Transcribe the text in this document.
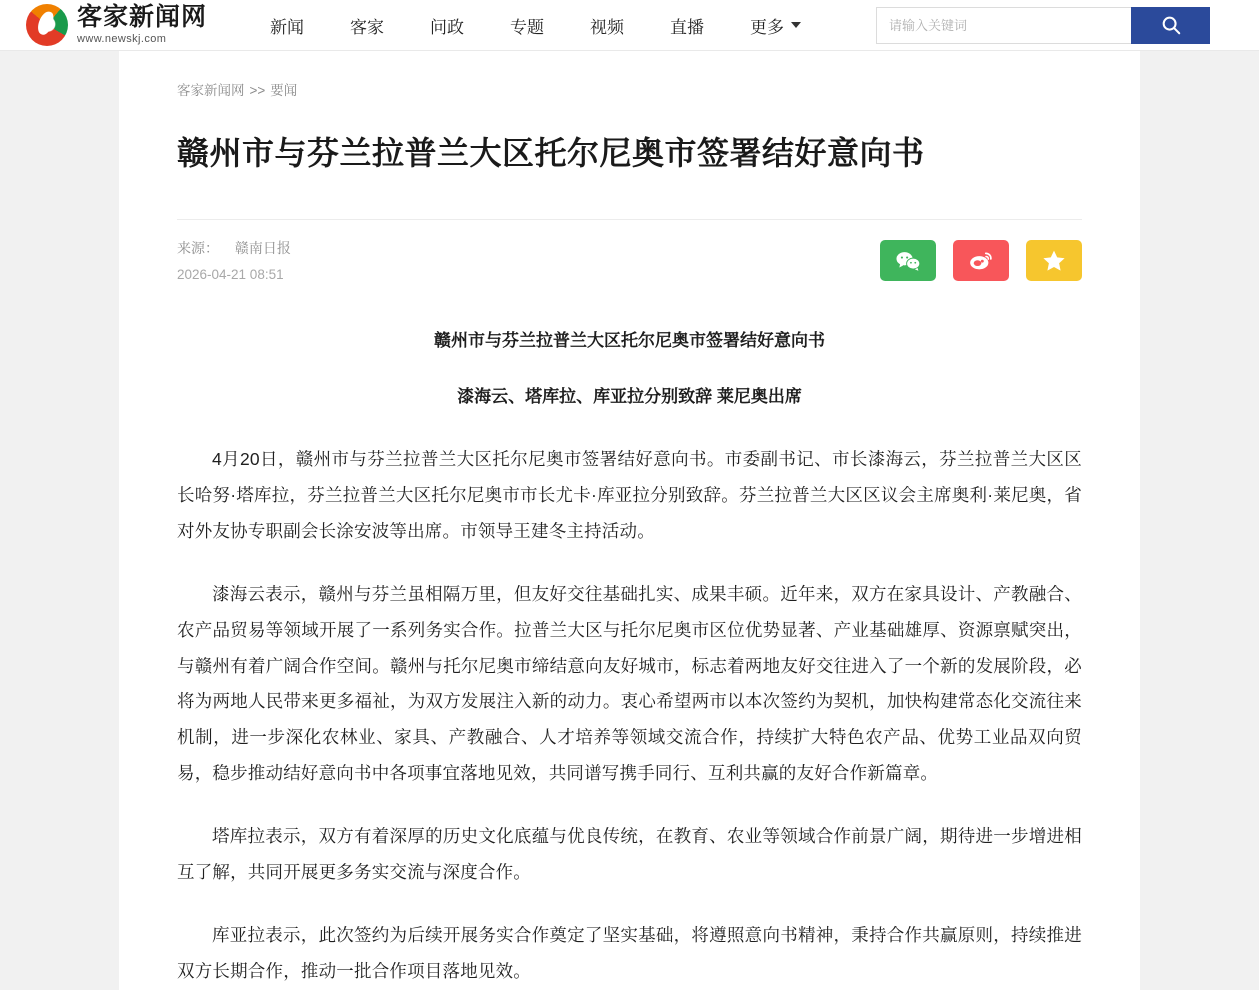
客家新闻网
www.newskj.com
新闻	客家	问政	专题	视频	直播	更多
请输入关键词
客家新闻网 >> 要闻
赣州市与芬兰拉普兰大区托尔尼奥市签署结好意向书
来源： 赣南日报
2026-04-21 08:51
赣州市与芬兰拉普兰大区托尔尼奥市签署结好意向书
漆海云、塔库拉、库亚拉分别致辞 莱尼奥出席

4月20日，赣州市与芬兰拉普兰大区托尔尼奥市签署结好意向书。市委副书记、市长漆海云，芬兰拉普兰大区区长哈努·塔库拉，芬兰拉普兰大区托尔尼奥市市长尤卡·库亚拉分别致辞。芬兰拉普兰大区区议会主席奥利·莱尼奥，省对外友协专职副会长涂安波等出席。市领导王建冬主持活动。

漆海云表示，赣州与芬兰虽相隔万里，但友好交往基础扎实、成果丰硕。近年来，双方在家具设计、产教融合、农产品贸易等领域开展了一系列务实合作。拉普兰大区与托尔尼奥市区位优势显著、产业基础雄厚、资源禀赋突出，与赣州有着广阔合作空间。赣州与托尔尼奥市缔结意向友好城市，标志着两地友好交往进入了一个新的发展阶段，必将为两地人民带来更多福祉，为双方发展注入新的动力。衷心希望两市以本次签约为契机，加快构建常态化交流往来机制，进一步深化农林业、家具、产教融合、人才培养等领域交流合作，持续扩大特色农产品、优势工业品双向贸易，稳步推动结好意向书中各项事宜落地见效，共同谱写携手同行、互利共赢的友好合作新篇章。

塔库拉表示，双方有着深厚的历史文化底蕴与优良传统，在教育、农业等领域合作前景广阔，期待进一步增进相互了解，共同开展更多务实交流与深度合作。

库亚拉表示，此次签约为后续开展务实合作奠定了坚实基础，将遵照意向书精神，秉持合作共赢原则，持续推进双方长期合作，推动一批合作项目落地见效。
